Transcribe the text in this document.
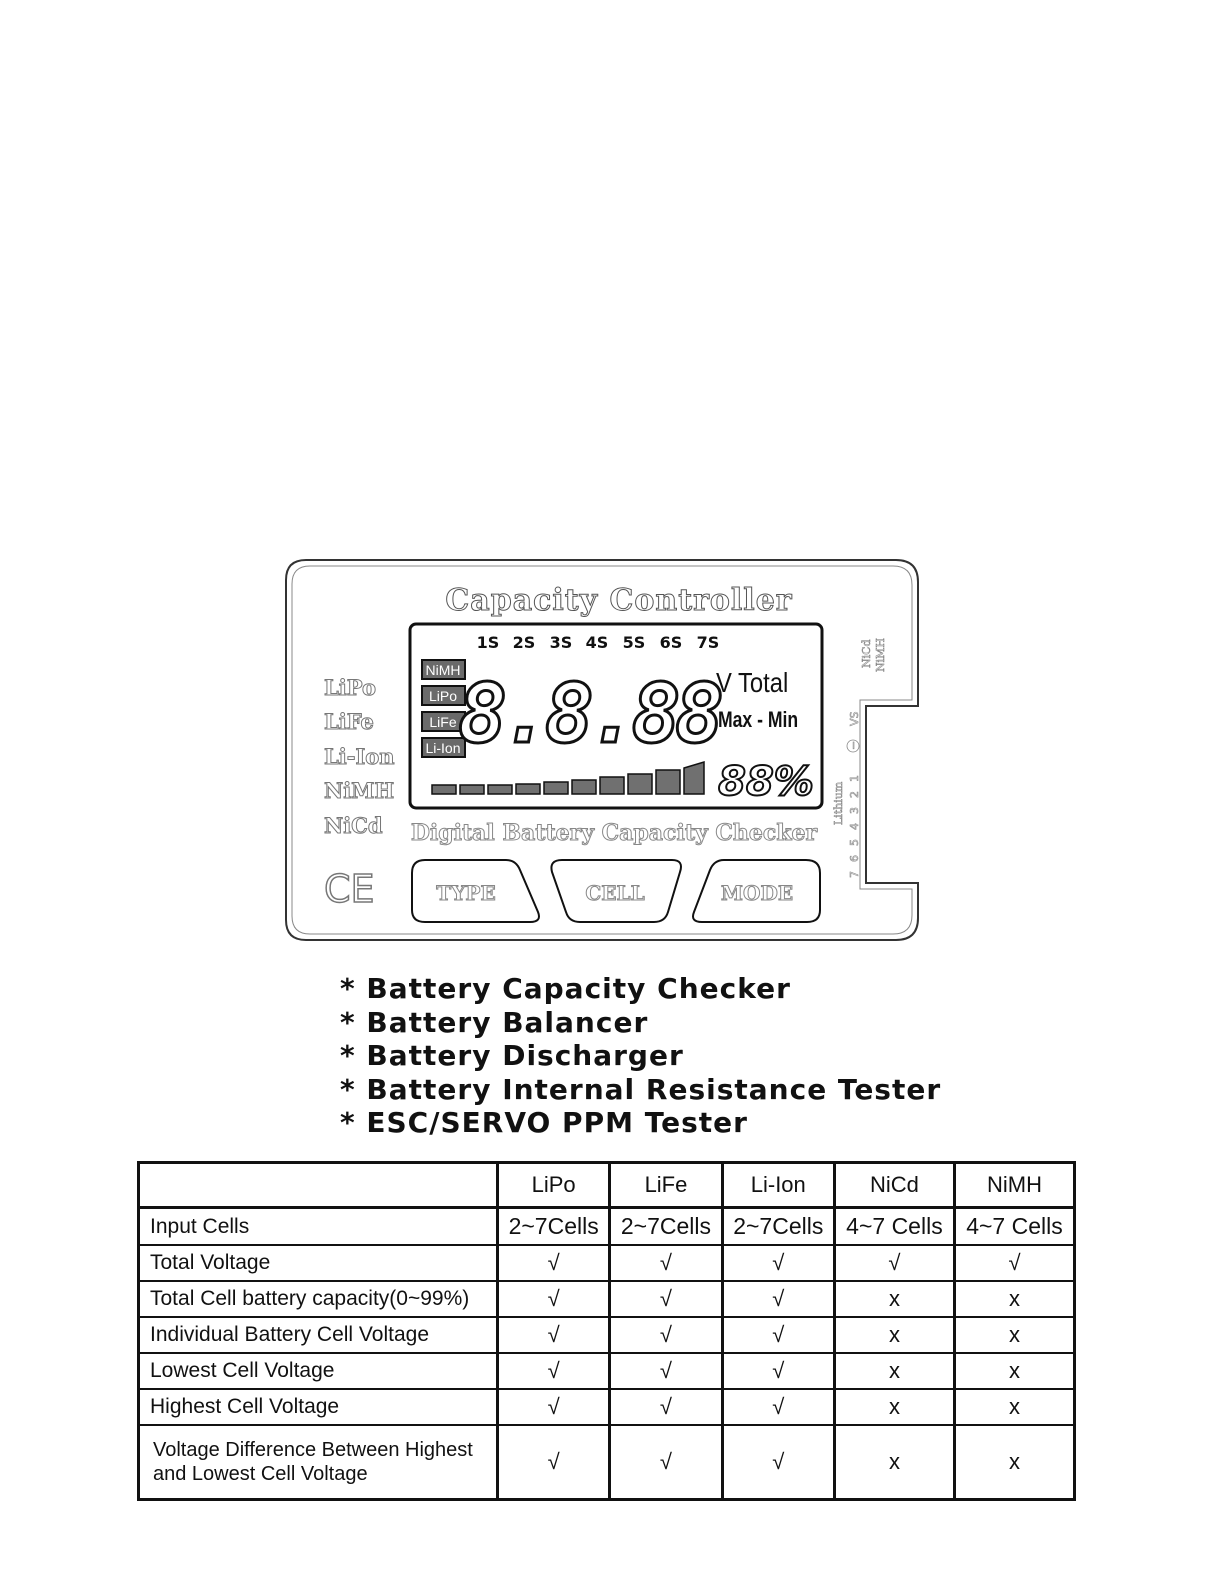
Capacity Controller
1S 2S 3S 4S 5S 6S 7S
NiMH
LiPo
LiFe
Li-Ion
8.8.88
V Total
Max - Min
88%
LiPo
LiFe
Li-Ion
NiMH
NiCd
CE
Digital Battery Capacity Checker
TYPE	CELL	MODE
NiCd NiMH
Lithium
7
6
5
4
3
2
1
−
VS
* Battery Capacity Checker
* Battery Balancer
* Battery Discharger
* Battery Internal Resistance Tester
* ESC/SERVO PPM Tester
	LiPo	LiFe	Li-Ion	NiCd	NiMH
Input Cells	2~7Cells	2~7Cells	2~7Cells	4~7 Cells	4~7 Cells
Total Voltage	√	√	√	√	√
Total Cell battery capacity(0~99%)	√	√	√	x	x
Individual Battery Cell Voltage	√	√	√	x	x
Lowest Cell Voltage	√	√	√	x	x
Highest Cell Voltage	√	√	√	x	x
Voltage Difference Between Highest and Lowest Cell Voltage	√	√	√	x	x
